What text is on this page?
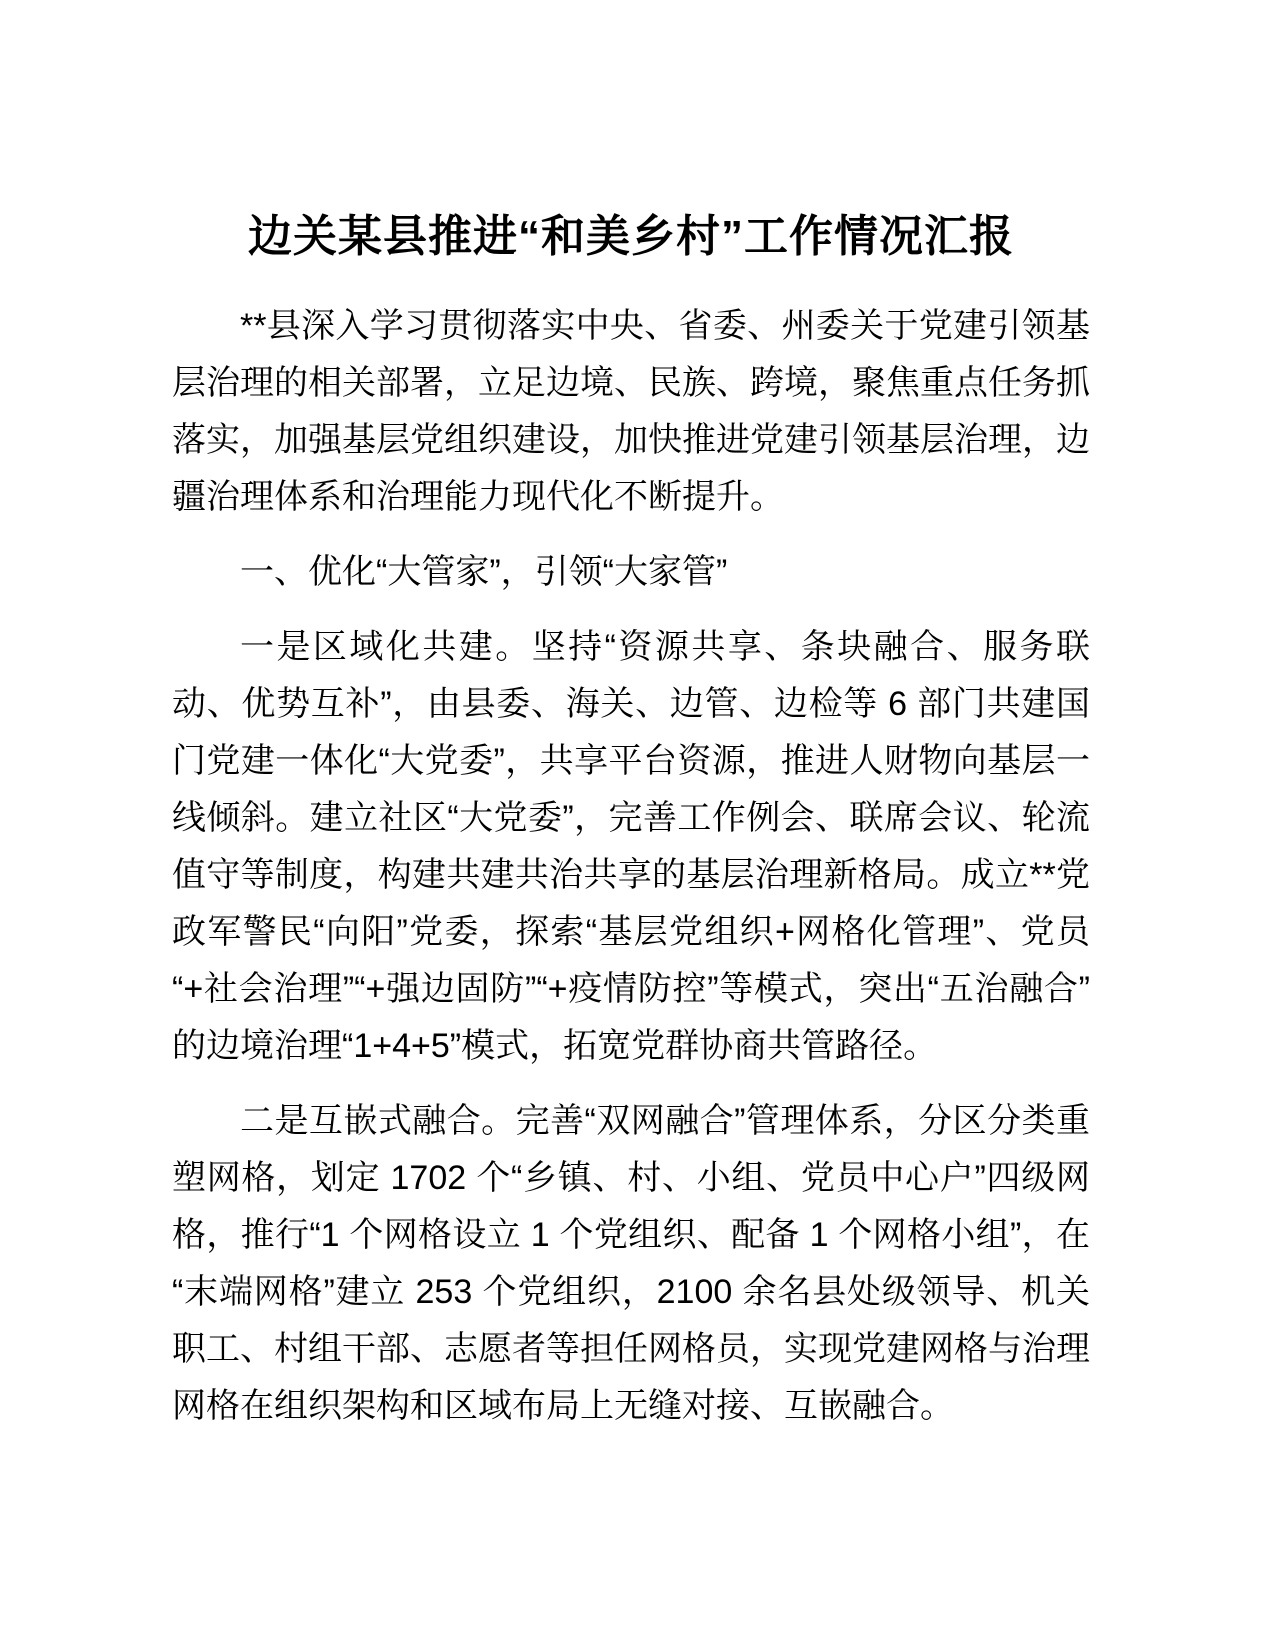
边关某县推进“和美乡村”工作情况汇报

**县深入学习贯彻落实中央、省委、州委关于党建引领基层治理的相关部署，立足边境、民族、跨境，聚焦重点任务抓落实，加强基层党组织建设，加快推进党建引领基层治理，边疆治理体系和治理能力现代化不断提升。

一、优化“大管家”，引领“大家管”

一是区域化共建。坚持“资源共享、条块融合、服务联动、优势互补”，由县委、海关、边管、边检等 6 部门共建国门党建一体化“大党委”，共享平台资源，推进人财物向基层一线倾斜。建立社区“大党委”，完善工作例会、联席会议、轮流值守等制度，构建共建共治共享的基层治理新格局。成立**党政军警民“向阳”党委，探索“基层党组织+网格化管理”、党员“+社会治理”“+强边固防”“+疫情防控”等模式，突出“五治融合”的边境治理“1+4+5”模式，拓宽党群协商共管路径。

二是互嵌式融合。完善“双网融合”管理体系，分区分类重塑网格，划定 1702 个“乡镇、村、小组、党员中心户”四级网格，推行“1 个网格设立 1 个党组织、配备 1 个网格小组”，在“末端网格”建立 253 个党组织，2100 余名县处级领导、机关职工、村组干部、志愿者等担任网格员，实现党建网格与治理网格在组织架构和区域布局上无缝对接、互嵌融合。
